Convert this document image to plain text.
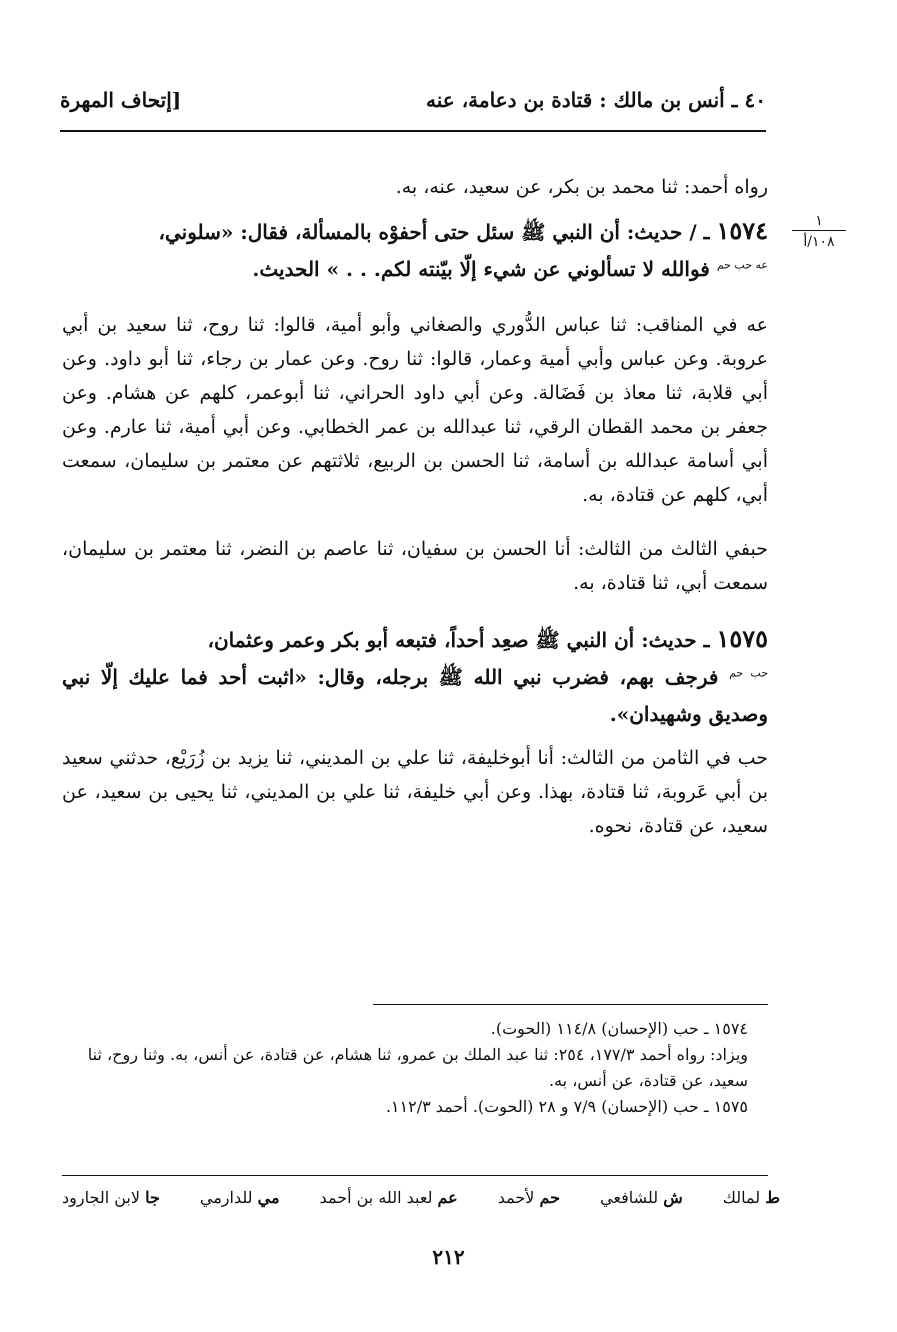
٤٠ ـ أنس بن مالك : قتادة بن دعامة، عنه
[إتحاف المهرة
١
١٠٨/أ

رواه أحمد: ثنا محمد بن بكر، عن سعيد، عنه، به.

١٥٧٤ ـ / حديث: أن النبي ﷺ سئل حتى أحفوْه بالمسألة، فقال: «سلوني،
$^{عه حب حم}$ فوالله لا تسألوني عن شيء إلّا بيّنته لكم. . . » الحديث.

عه في المناقب: ثنا عباس الدُّوري والصغاني وأبو أمية، قالوا: ثنا روح، ثنا سعيد بن أبي عروبة. وعن عباس وأبي أمية وعمار، قالوا: ثنا روح. وعن عمار بن رجاء، ثنا أبو داود. وعن أبي قلابة، ثنا معاذ بن فَضَالة. وعن أبي داود الحراني، ثنا أبوعمر، كلهم عن هشام. وعن جعفر بن محمد القطان الرقي، ثنا عبدالله بن عمر الخطابي. وعن أبي أمية، ثنا عارم. وعن أبي أسامة عبدالله بن أسامة، ثنا الحسن بن الربيع، ثلاثتهم عن معتمر بن سليمان، سمعت أبي، كلهم عن قتادة، به.

حبفي الثالث من الثالث: أنا الحسن بن سفيان، ثنا عاصم بن النضر، ثنا معتمر بن سليمان، سمعت أبي، ثنا قتادة، به.

١٥٧٥ ـ حديث: أن النبي ﷺ صعِد أحداً، فتبعه أبو بكر وعمر وعثمان،
$^{حب حم}$ فرجف بهم، فضرب نبي الله ﷺ برجله، وقال: «اثبت أحد فما عليك إلّا نبي وصديق وشهيدان».

حب في الثامن من الثالث: أنا أبوخليفة، ثنا علي بن المديني، ثنا يزيد بن زُرَيْع، حدثني سعيد بن أبي عَروبة، ثنا قتادة، بهذا. وعن أبي خليفة، ثنا علي بن المديني، ثنا يحيى بن سعيد، عن سعيد، عن قتادة، نحوه.

١٥٧٤ ـ حب (الإحسان) ١١٤/٨ (الحوت).

ويزاد: رواه أحمد ١٧٧/٣، ٢٥٤: ثنا عبد الملك بن عمرو، ثنا هشام، عن قتادة، عن أنس، به. وثنا روح، ثنا سعيد، عن قتادة، عن أنس، به.

١٥٧٥ ـ حب (الإحسان) ٧/٩ و ٢٨ (الحوت). أحمد ١١٢/٣.

ط لمالك
ش للشافعي
حم لأحمد
عم لعبد الله بن أحمد
مي للدارمي
جا لابن الجارود
٢١٢
